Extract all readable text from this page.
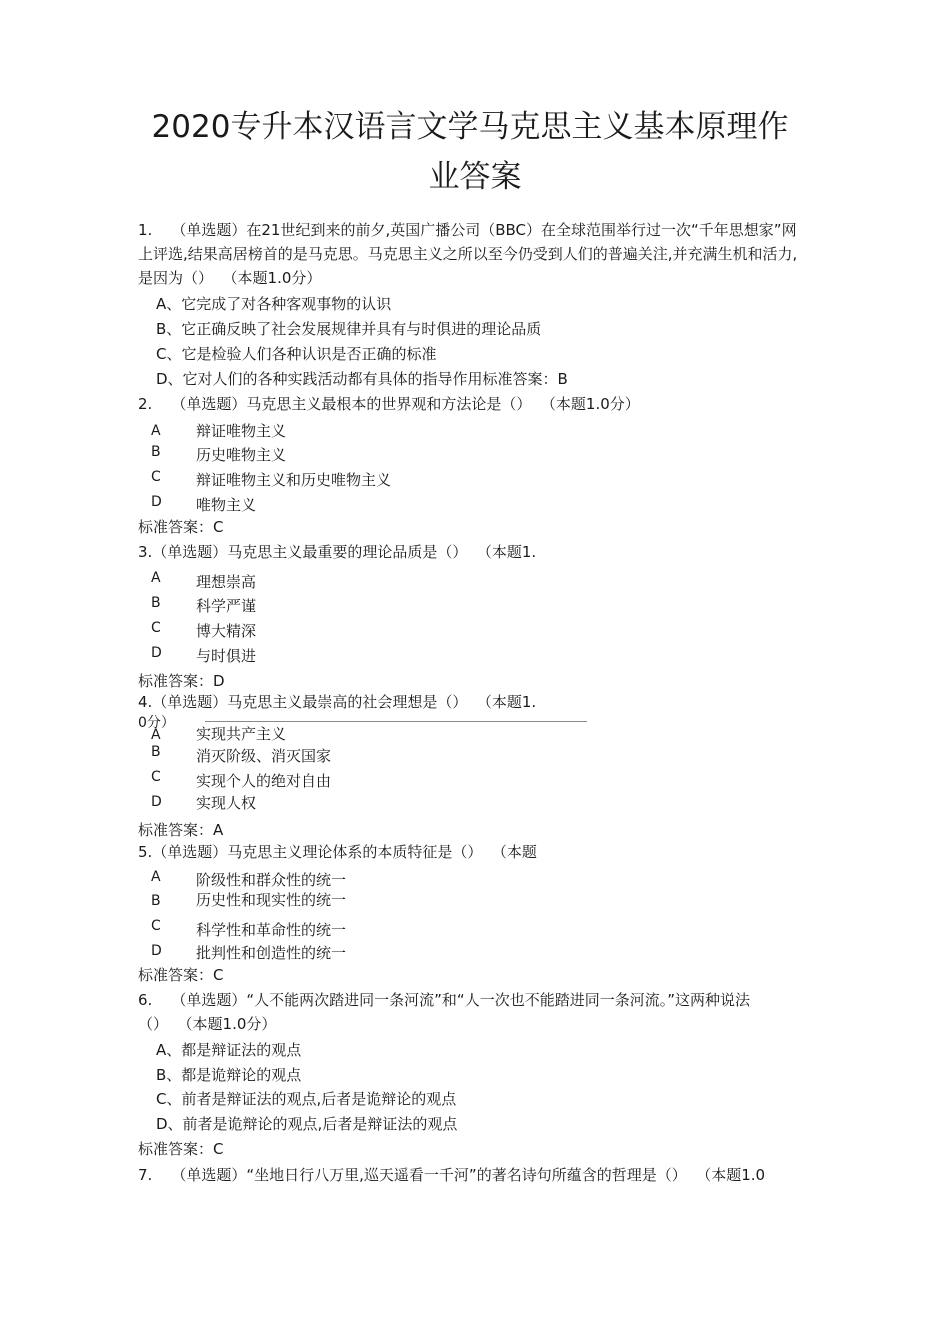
2020专升本汉语言文学马克思主义基本原理作
业答案
1.    （单选题）在21世纪到来的前夕,英国广播公司（BBC）在全球范围举行过一次“千年思想家”网上评选,结果高居榜首的是马克思。马克思主义之所以至今仍受到人们的普遍关注,并充满生机和活力,是因为（）  （本题1.0分）
A、它完成了对各种客观事物的认识
B、它正确反映了社会发展规律并具有与时俱进的理论品质
C、它是检验人们各种认识是否正确的标准
D、它对人们的各种实践活动都有具体的指导作用标准答案：B
2.    （单选题）马克思主义最根本的世界观和方法论是（）  （本题1.0分）
A 辩证唯物主义
B 历史唯物主义
C 辩证唯物主义和历史唯物主义
D 唯物主义
标准答案：C
3.（单选题）马克思主义最重要的理论品质是（）  （本题1.
A 理想崇高
B 科学严谨
C 博大精深
D 与时俱进
标准答案：D
4.（单选题）马克思主义最崇高的社会理想是（）  （本题1.
0分）
A 实现共产主义
B 消灭阶级、消灭国家
C 实现个人的绝对自由
D 实现人权
标准答案：A
5.（单选题）马克思主义理论体系的本质特征是（）  （本题
A 阶级性和群众性的统一
B 历史性和现实性的统一
C 科学性和革命性的统一
D 批判性和创造性的统一
标准答案：C
6.    （单选题）“人不能两次踏进同一条河流”和“人一次也不能踏进同一条河流。”这两种说法（）  （本题1.0分）
A、都是辩证法的观点
B、都是诡辩论的观点
C、前者是辩证法的观点,后者是诡辩论的观点
D、前者是诡辩论的观点,后者是辩证法的观点
标准答案：C
7.    （单选题）“坐地日行八万里,巡天遥看一千河”的著名诗句所蕴含的哲理是（）  （本题1.0
